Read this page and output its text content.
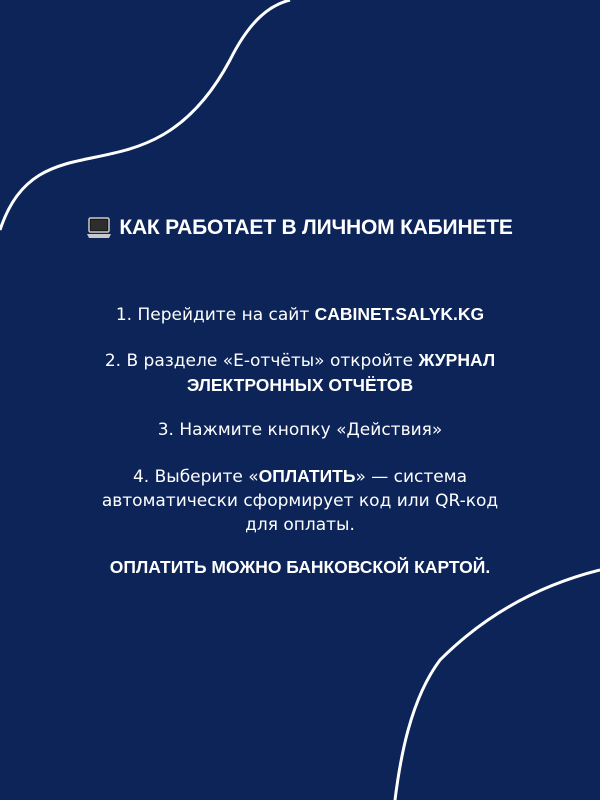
КАК РАБОТАЕТ В ЛИЧНОМ КАБИНЕТЕ
1. Перейдите на сайт CABINET.SALYK.KG
2. В разделе «Е-отчёты» откройте ЖУРНАЛ
ЭЛЕКТРОННЫХ ОТЧЁТОВ
3. Нажмите кнопку «Действия»
4. Выберите «ОПЛАТИТЬ» — система
автоматически сформирует код или QR-код
для оплаты.
ОПЛАТИТЬ МОЖНО БАНКОВСКОЙ КАРТОЙ.
